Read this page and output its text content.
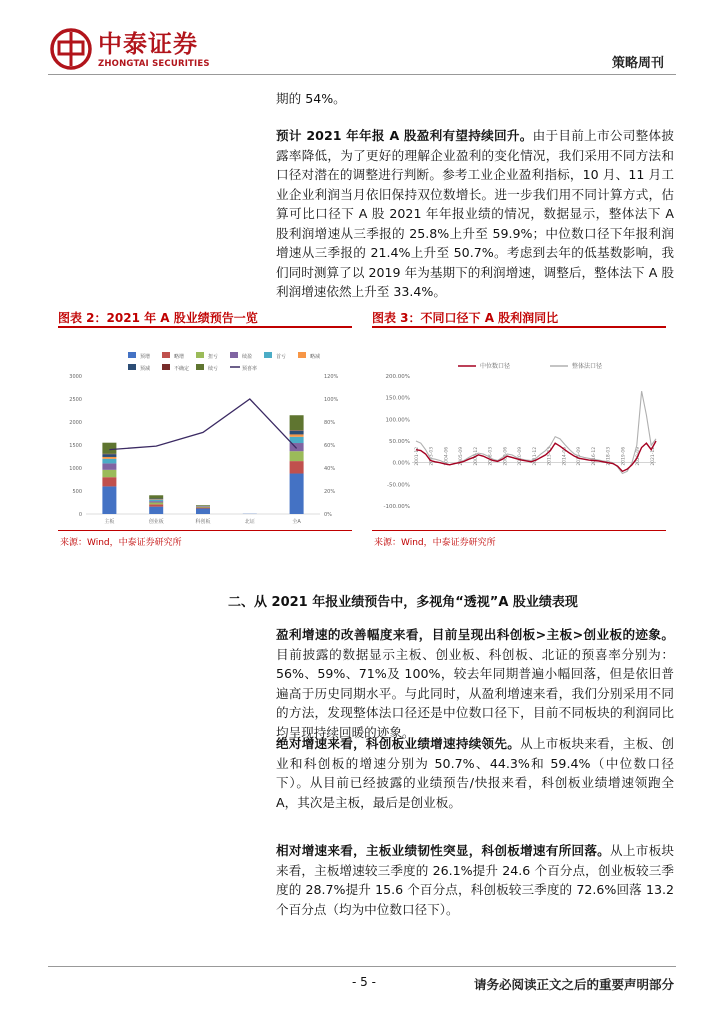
中泰证券
ZHONGTAI SECURITIES	策略周刊
期的 54%。
预计 2021 年年报 A 股盈利有望持续回升。由于目前上市公司整体披露率降低，为了更好的理解企业盈利的变化情况，我们采用不同方法和口径对潜在的调整进行判断。参考工业企业盈利指标，10 月、11 月工业企业利润当月依旧保持双位数增长。进一步我们用不同计算方式，估算可比口径下 A 股 2021 年年报业绩的情况，数据显示，整体法下 A 股利润增速从三季报的 25.8%上升至 59.9%；中位数口径下年报利润增速从三季报的 21.4%上升至 50.7%。考虑到去年的低基数影响，我们同时测算了以 2019 年为基期下的利润增速，调整后，整体法下 A 股利润增速依然上升至 33.4%。
图表 2：2021 年 A 股业绩预告一览
预增	略增	扭亏	续盈	首亏	略减
预减	不确定	续亏	预喜率
0
500
1000
1500
2000
2500
3000
0%
20%
40%
60%
80%
100%
120%
主板	创业板	科创板	北证	全A
来源：Wind，中泰证券研究所
图表 3：不同口径下 A 股利润同比
中位数口径	整体法口径
-100.00%
-50.00%
0.00%
50.00%
100.00%
150.00%
200.00%
2001-12 2003-03 2004-06 2005-09 2006-12 2008-03 2009-06 2010-09 2011-12 2013-03 2014-06 2015-09 2016-12 2018-03 2019-06 2020-09 2021-12
来源：Wind，中泰证券研究所
二、从 2021 年报业绩预告中，多视角“透视”A 股业绩表现
盈利增速的改善幅度来看，目前呈现出科创板>主板>创业板的迹象。目前披露的数据显示主板、创业板、科创板、北证的预喜率分别为：56%、59%、71%及 100%，较去年同期普遍小幅回落，但是依旧普遍高于历史同期水平。与此同时，从盈利增速来看，我们分别采用不同的方法，发现整体法口径还是中位数口径下，目前不同板块的利润同比均呈现持续回暖的迹象。
绝对增速来看，科创板业绩增速持续领先。从上市板块来看，主板、创业和科创板的增速分别为 50.7%、44.3%和 59.4%（中位数口径下）。从目前已经披露的业绩预告/快报来看，科创板业绩增速领跑全 A，其次是主板，最后是创业板。
相对增速来看，主板业绩韧性突显，科创板增速有所回落。从上市板块来看，主板增速较三季度的 26.1%提升 24.6 个百分点，创业板较三季度的 28.7%提升 15.6 个百分点，科创板较三季度的 72.6%回落 13.2 个百分点（均为中位数口径下）。
- 5 -	请务必阅读正文之后的重要声明部分
